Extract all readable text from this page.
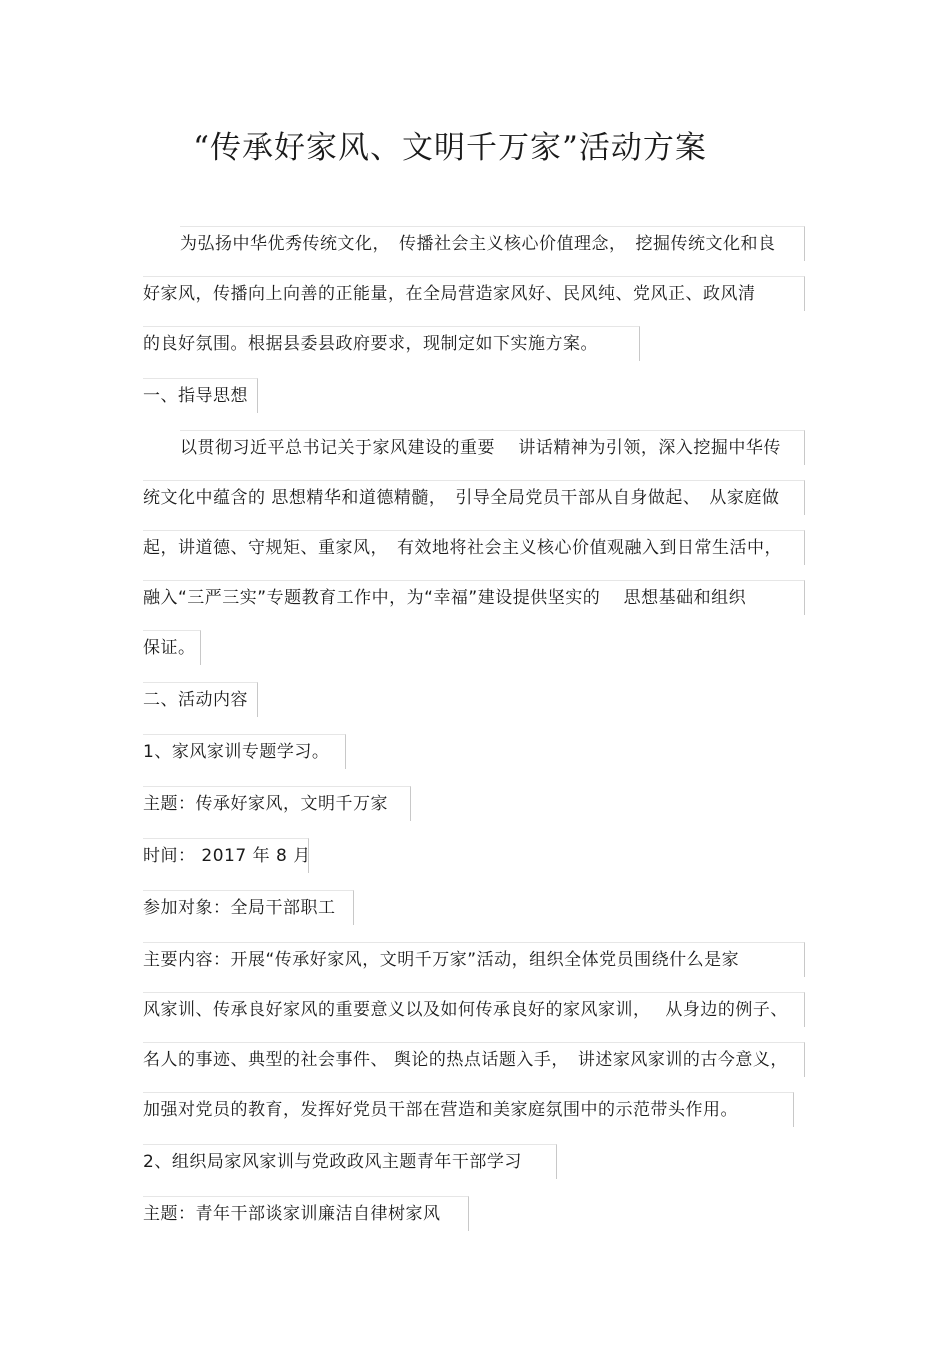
“传承好家风、文明千万家”活动方案
为弘扬中华优秀传统文化，　传播社会主义核心价值理念，　挖掘传统文化和良
好家风，传播向上向善的正能量，在全局营造家风好、民风纯、党风正、政风清
的良好氛围。根据县委县政府要求，现制定如下实施方案。
一、指导思想
以贯彻习近平总书记关于家风建设的重要　 讲话精神为引领，深入挖掘中华传
统文化中蕴含的 思想精华和道德精髓，　引导全局党员干部从自身做起、　从家庭做
起，讲道德、守规矩、重家风，　有效地将社会主义核心价值观融入到日常生活中，
融入“三严三实”专题教育工作中，为“幸福”建设提供坚实的　 思想基础和组织
保证。
二、活动内容
1、家风家训专题学习。
主题：传承好家风，文明千万家
时间： 2017 年 8 月
参加对象：全局干部职工
主要内容：开展“传承好家风，文明千万家”活动，组织全体党员围绕什么是家
风家训、传承良好家风的重要意义以及如何传承良好的家风家训，　 从身边的例子、
名人的事迹、典型的社会事件、 舆论的热点话题入手，　讲述家风家训的古今意义，
加强对党员的教育，发挥好党员干部在营造和美家庭氛围中的示范带头作用。
2、组织局家风家训与党政政风主题青年干部学习
主题：青年干部谈家训廉洁自律树家风
